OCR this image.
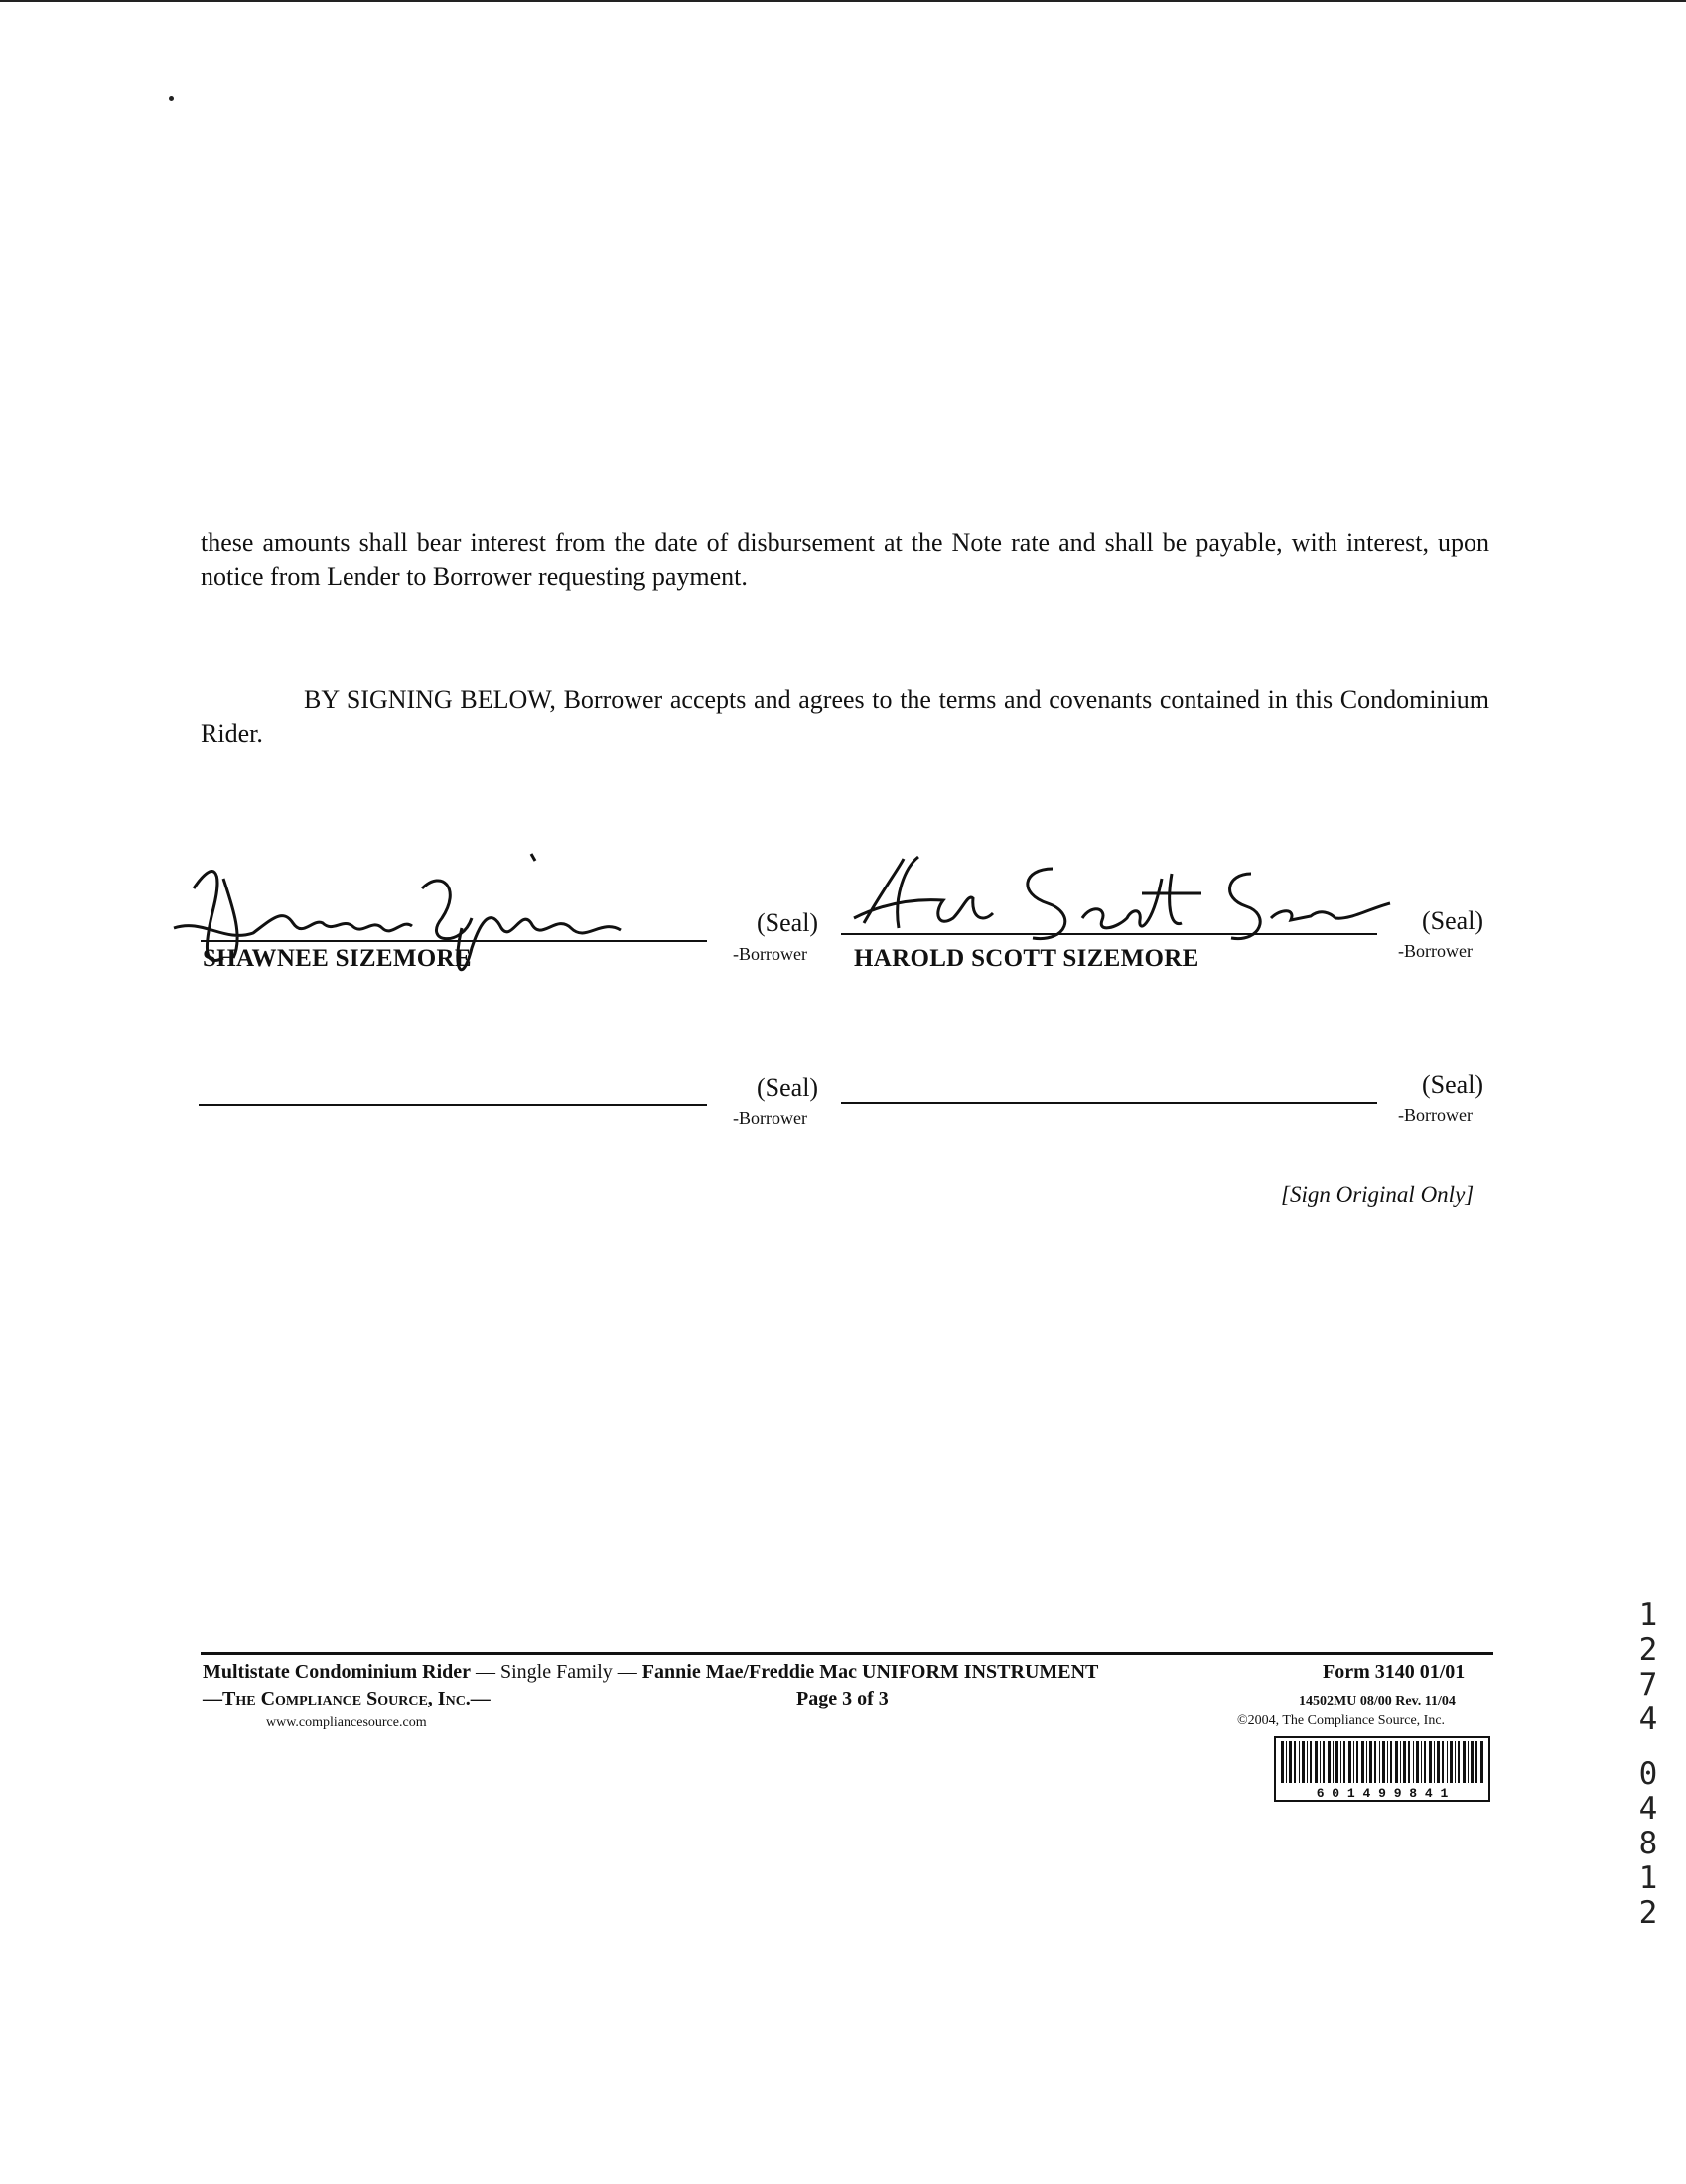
these amounts shall bear interest from the date of disbursement at the Note rate and shall be payable, with interest, upon notice from Lender to Borrower requesting payment.
BY SIGNING BELOW, Borrower accepts and agrees to the terms and covenants contained in this Condominium Rider.
SHAWNEE SIZEMORE
(Seal)
-Borrower HAROLD SCOTT SIZEMORE
(Seal)
-Borrower
(Seal)
-Borrower
(Seal)
-Borrower
[Sign Original Only]
Multistate Condominium Rider — Single Family — Fannie Mae/Freddie Mac UNIFORM INSTRUMENT	Form 3140 01/01
—The Compliance Source, Inc.—	Page 3 of 3	14502MU 08/00 Rev. 11/04
www.compliancesource.com	©2004, The Compliance Source, Inc.
6 0 1 4 9 9 8 4 1
1
2
7
4
0
4
8
1
2
